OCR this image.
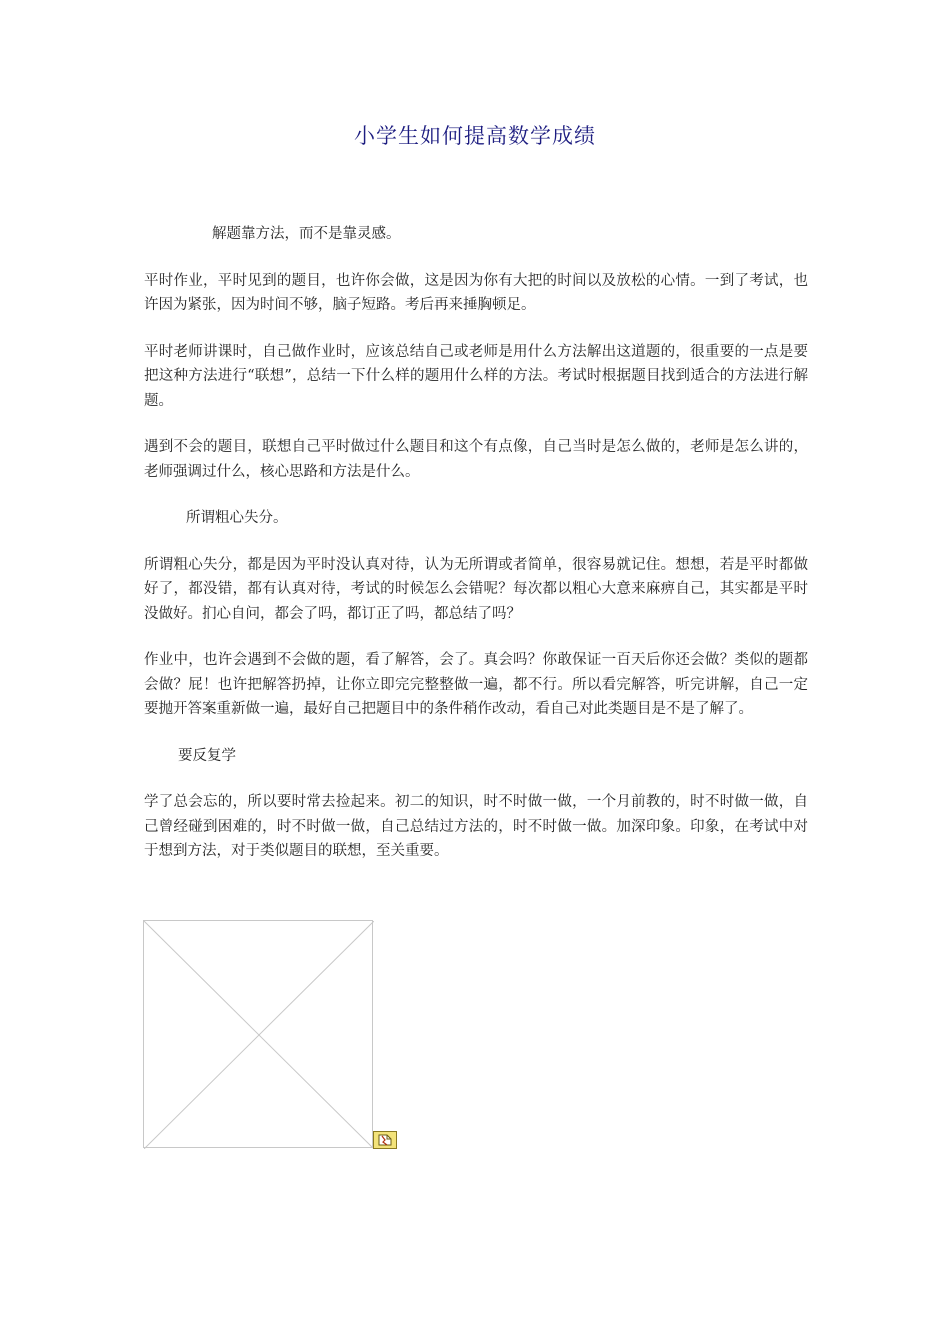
小学生如何提高数学成绩

解题靠方法，而不是靠灵感。

平时作业，平时见到的题目，也许你会做，这是因为你有大把的时间以及放松的心情。一到了考试，也许因为紧张，因为时间不够，脑子短路。考后再来捶胸顿足。

平时老师讲课时，自己做作业时，应该总结自己或老师是用什么方法解出这道题的，很重要的一点是要把这种方法进行“联想”，总结一下什么样的题用什么样的方法。考试时根据题目找到适合的方法进行解题。

遇到不会的题目，联想自己平时做过什么题目和这个有点像，自己当时是怎么做的，老师是怎么讲的，老师强调过什么，核心思路和方法是什么。

所谓粗心失分。

所谓粗心失分，都是因为平时没认真对待，认为无所谓或者简单，很容易就记住。想想，若是平时都做好了，都没错，都有认真对待，考试的时候怎么会错呢？每次都以粗心大意来麻痹自己，其实都是平时没做好。扪心自问，都会了吗，都订正了吗，都总结了吗？

作业中，也许会遇到不会做的题，看了解答，会了。真会吗？你敢保证一百天后你还会做？类似的题都会做？屁！也许把解答扔掉，让你立即完完整整做一遍，都不行。所以看完解答，听完讲解，自己一定要抛开答案重新做一遍，最好自己把题目中的条件稍作改动，看自己对此类题目是不是了解了。

要反复学

学了总会忘的，所以要时常去捡起来。初二的知识，时不时做一做，一个月前教的，时不时做一做，自己曾经碰到困难的，时不时做一做，自己总结过方法的，时不时做一做。加深印象。印象，在考试中对于想到方法，对于类似题目的联想，至关重要。
